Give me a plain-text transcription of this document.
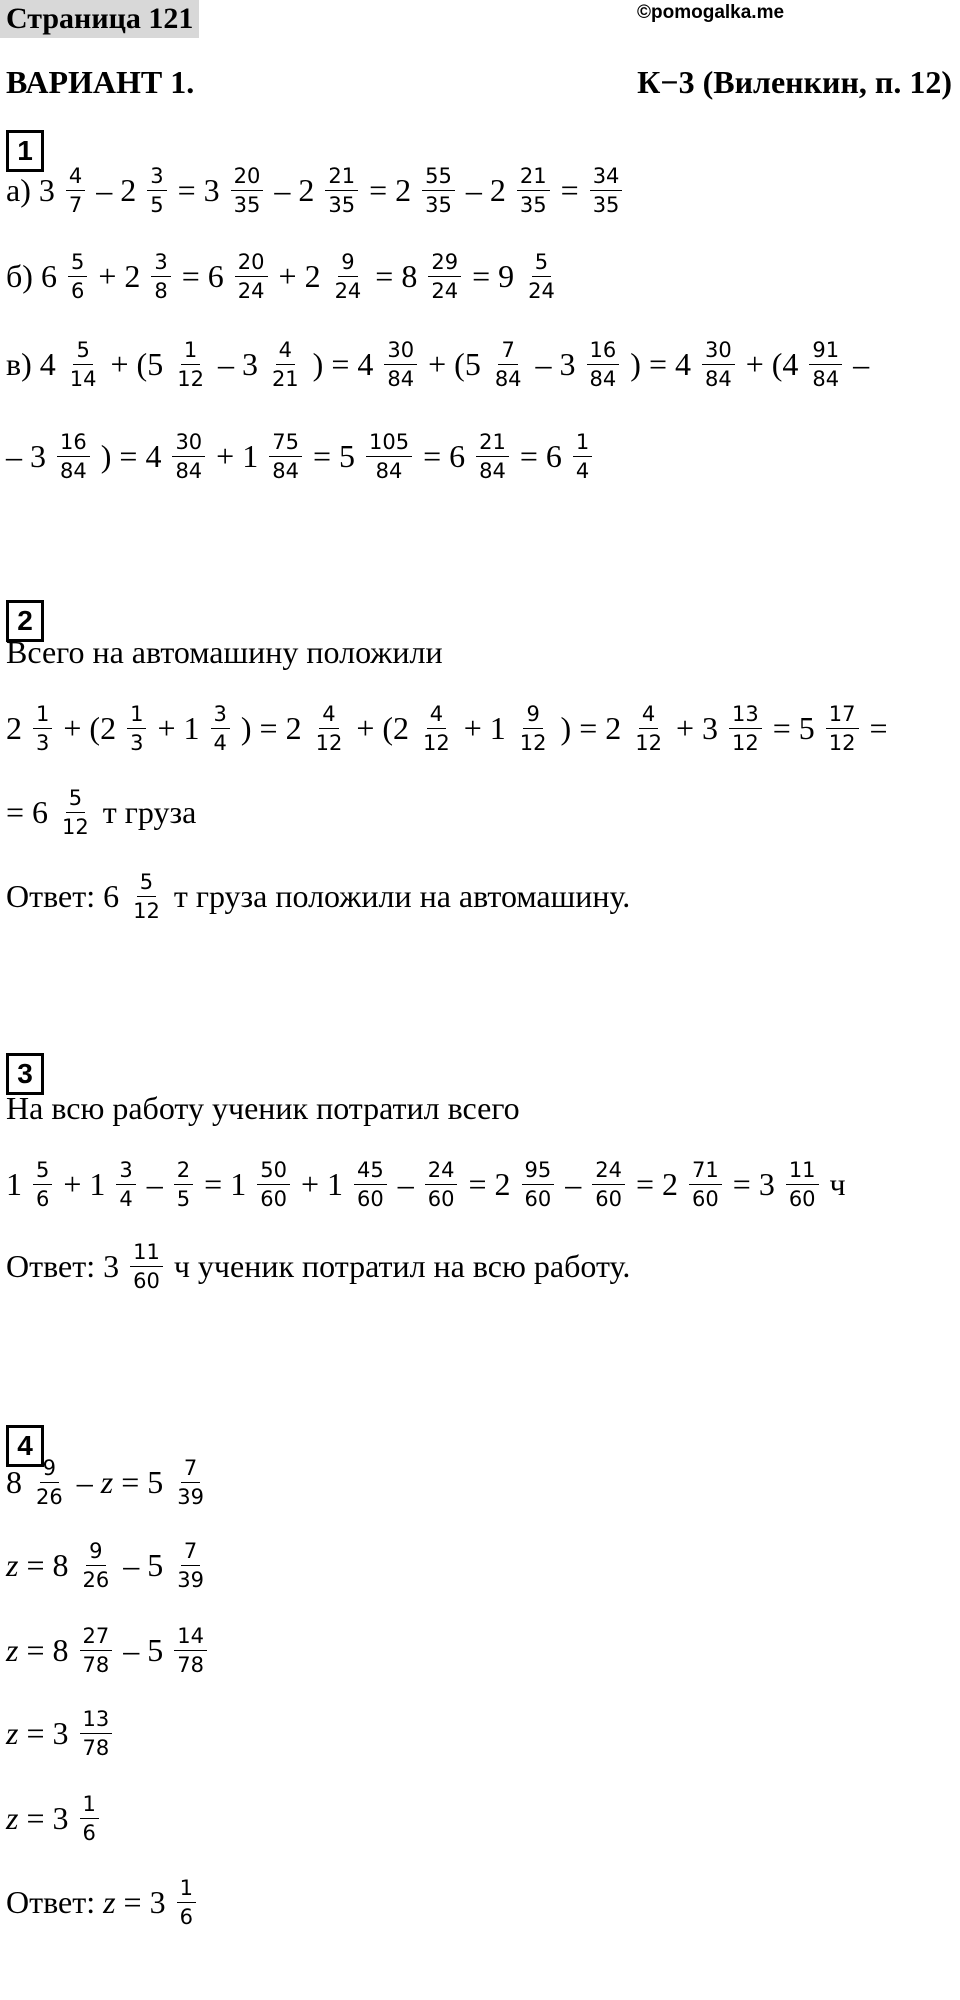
Страница 121	©pomogalka.me
ВАРИАНТ 1.	К−3 (Виленкин, п. 12)
1
2
3
4
а) $3 \frac{4}{7} - 2 \frac{3}{5} = 3 \frac{20}{35} - 2 \frac{21}{35} = 2 \frac{55}{35} - 2 \frac{21}{35} = \frac{34}{35}$
б) $6 \frac{5}{6} + 2 \frac{3}{8} = 6 \frac{20}{24} + 2 \frac{9}{24} = 8 \frac{29}{24} = 9 \frac{5}{24}$
в) $4 \frac{5}{14} + (5 \frac{1}{12} - 3 \frac{4}{21}$ ) = $4 \frac{30}{84} + (5 \frac{7}{84} - 3 \frac{16}{84}$ ) = $4 \frac{30}{84} + (4 \frac{91}{84}$ –
– $3 \frac{16}{84}$ ) = $4 \frac{30}{84} + 1 \frac{75}{84} = 5 \frac{105}{84} = 6 \frac{21}{84} = 6 \frac{1}{4}$
Всего на автомашину положили
$2 \frac{1}{3} + (2 \frac{1}{3} + 1 \frac{3}{4}$ ) = $2 \frac{4}{12} + (2 \frac{4}{12} + 1 \frac{9}{12}$ ) = $2 \frac{4}{12} + 3 \frac{13}{12} = 5 \frac{17}{12}$ =
= $6 \frac{5}{12}$ т груза
Ответ: $6 \frac{5}{12}$ т груза положили на автомашину.
На всю работу ученик потратил всего
$1 \frac{5}{6} + 1 \frac{3}{4} - \frac{2}{5} = 1 \frac{50}{60} + 1 \frac{45}{60} - \frac{24}{60} = 2 \frac{95}{60} - \frac{24}{60} = 2 \frac{71}{60} = 3 \frac{11}{60}$ ч
Ответ: $3 \frac{11}{60}$ ч ученик потратил на всю работу.
$8 \frac{9}{26} - z = 5 \frac{7}{39}$
$z = 8 \frac{9}{26} - 5 \frac{7}{39}$
$z = 8 \frac{27}{78} - 5 \frac{14}{78}$
$z = 3 \frac{13}{78}$
$z = 3 \frac{1}{6}$
Ответ: $z = 3 \frac{1}{6}$
